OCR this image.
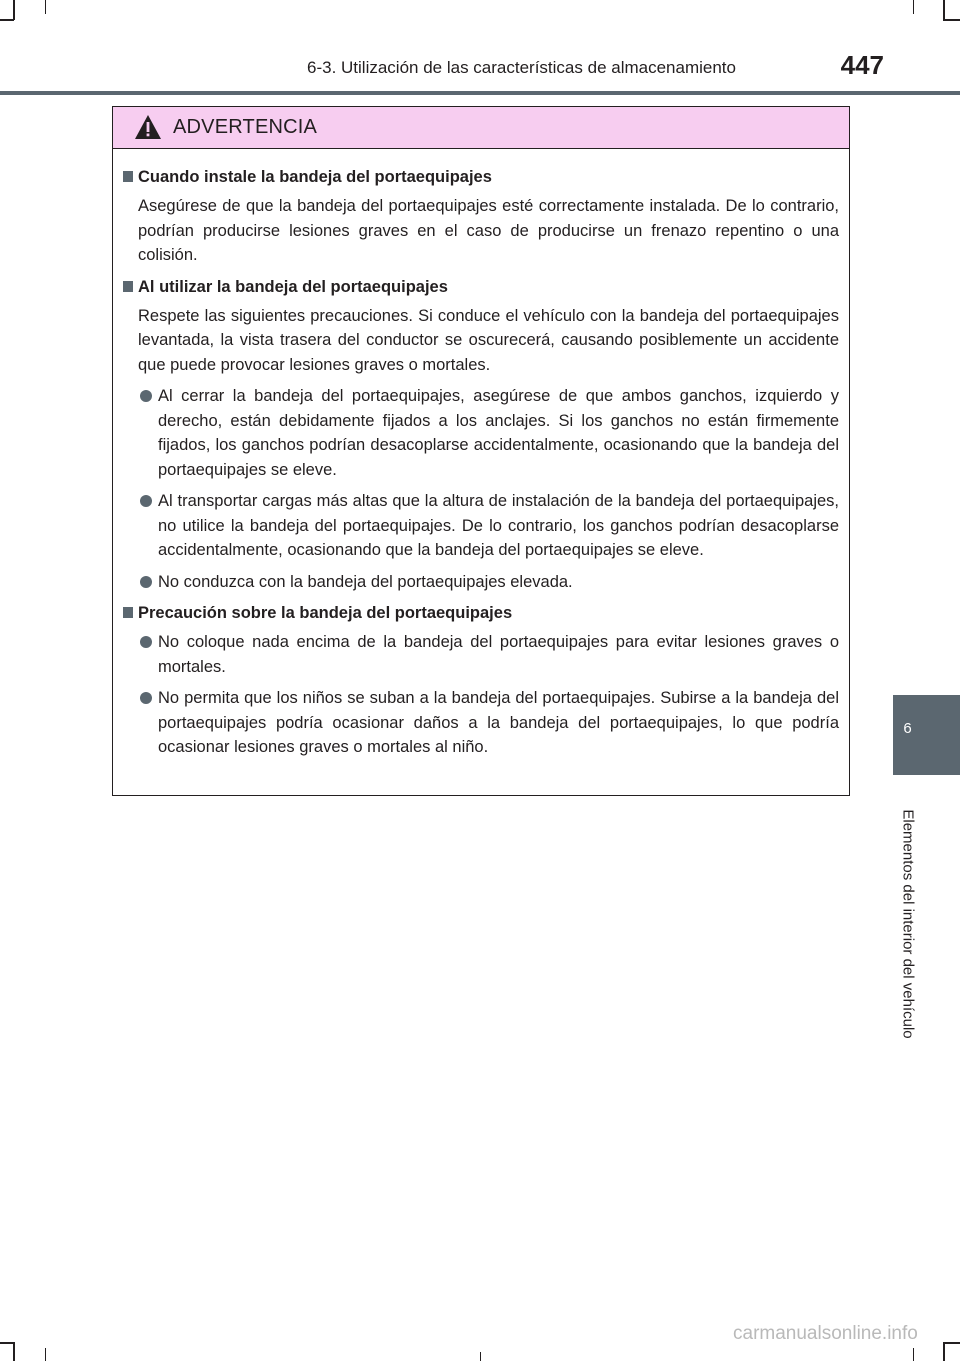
6-3. Utilización de las características de almacenamiento	447
6
Elementos del interior del vehículo
ADVERTENCIA
Cuando instale la bandeja del portaequipajes
Asegúrese de que la bandeja del portaequipajes esté correctamente instalada. De lo contrario, podrían producirse lesiones graves en el caso de producirse un frenazo repentino o una colisión.
Al utilizar la bandeja del portaequipajes
Respete las siguientes precauciones. Si conduce el vehículo con la bandeja del portaequipajes levantada, la vista trasera del conductor se oscurecerá, causando posiblemente un accidente que puede provocar lesiones graves o mortales.
Al cerrar la bandeja del portaequipajes, asegúrese de que ambos ganchos, izquierdo y derecho, están debidamente fijados a los anclajes. Si los ganchos no están firmemente fijados, los ganchos podrían desacoplarse accidentalmente, ocasionando que la bandeja del portaequipajes se eleve.
Al transportar cargas más altas que la altura de instalación de la bandeja del portaequipajes, no utilice la bandeja del portaequipajes. De lo contrario, los ganchos podrían desacoplarse accidentalmente, ocasionando que la bandeja del portaequipajes se eleve.
No conduzca con la bandeja del portaequipajes elevada.
Precaución sobre la bandeja del portaequipajes
No coloque nada encima de la bandeja del portaequipajes para evitar lesiones graves o mortales.
No permita que los niños se suban a la bandeja del portaequipajes. Subirse a la bandeja del portaequipajes podría ocasionar daños a la bandeja del portaequipajes, lo que podría ocasionar lesiones graves o mortales al niño.
carmanualsonline.info
